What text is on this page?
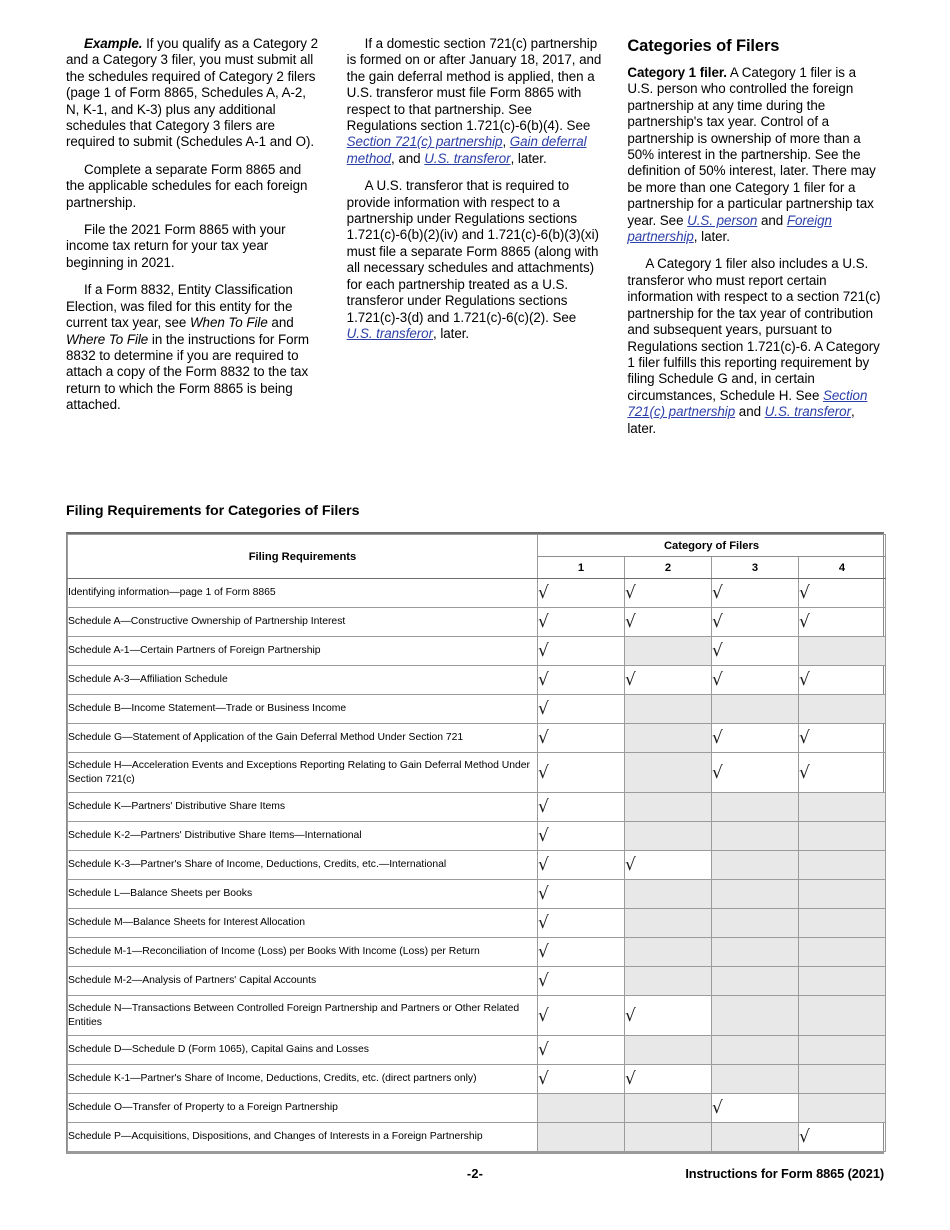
Example. If you qualify as a Category 2 and a Category 3 filer, you must submit all the schedules required of Category 2 filers (page 1 of Form 8865, Schedules A, A-2, N, K-1, and K-3) plus any additional schedules that Category 3 filers are required to submit (Schedules A-1 and O).

Complete a separate Form 8865 and the applicable schedules for each foreign partnership.

File the 2021 Form 8865 with your income tax return for your tax year beginning in 2021.

If a Form 8832, Entity Classification Election, was filed for this entity for the current tax year, see When To File and Where To File in the instructions for Form 8832 to determine if you are required to attach a copy of the Form 8832 to the tax return to which the Form 8865 is being attached.

If a domestic section 721(c) partnership is formed on or after January 18, 2017, and the gain deferral method is applied, then a U.S. transferor must file Form 8865 with respect to that partnership. See Regulations section 1.721(c)-6(b)(4). See Section 721(c) partnership, Gain deferral method, and U.S. transferor, later.

A U.S. transferor that is required to provide information with respect to a partnership under Regulations sections 1.721(c)-6(b)(2)(iv) and 1.721(c)-6(b)(3)(xi) must file a separate Form 8865 (along with all necessary schedules and attachments) for each partnership treated as a U.S. transferor under Regulations sections 1.721(c)-3(d) and 1.721(c)-6(c)(2). See U.S. transferor, later.

Categories of Filers

Category 1 filer. A Category 1 filer is a U.S. person who controlled the foreign partnership at any time during the partnership's tax year. Control of a partnership is ownership of more than a 50% interest in the partnership. See the definition of 50% interest, later. There may be more than one Category 1 filer for a partnership for a particular partnership tax year. See U.S. person and Foreign partnership, later.

A Category 1 filer also includes a U.S. transferor who must report certain information with respect to a section 721(c) partnership for the tax year of contribution and subsequent years, pursuant to Regulations section 1.721(c)-6. A Category 1 filer fulfills this reporting requirement by filing Schedule G and, in certain circumstances, Schedule H. See Section 721(c) partnership and U.S. transferor, later.

Filing Requirements for Categories of Filers
Filing Requirements	Category of Filers			
	1	2	3	4
Identifying information—page 1 of Form 8865	√	√	√	√
Schedule A—Constructive Ownership of Partnership Interest	√	√	√	√
Schedule A-1—Certain Partners of Foreign Partnership	√		√	
Schedule A-3—Affiliation Schedule	√	√	√	√
Schedule B—Income Statement—Trade or Business Income	√			
Schedule G—Statement of Application of the Gain Deferral Method Under Section 721	√		√	√
Schedule H—Acceleration Events and Exceptions Reporting Relating to Gain Deferral Method Under Section 721(c)	√		√	√
Schedule K—Partners' Distributive Share Items	√			
Schedule K-2—Partners' Distributive Share Items—International	√			
Schedule K-3—Partner's Share of Income, Deductions, Credits, etc.—International	√	√		
Schedule L—Balance Sheets per Books	√			
Schedule M—Balance Sheets for Interest Allocation	√			
Schedule M-1—Reconciliation of Income (Loss) per Books With Income (Loss) per Return	√			
Schedule M-2—Analysis of Partners' Capital Accounts	√			
Schedule N—Transactions Between Controlled Foreign Partnership and Partners or Other Related Entities	√	√		
Schedule D—Schedule D (Form 1065), Capital Gains and Losses	√			
Schedule K-1—Partner's Share of Income, Deductions, Credits, etc. (direct partners only)	√	√		
Schedule O—Transfer of Property to a Foreign Partnership			√	
Schedule P—Acquisitions, Dispositions, and Changes of Interests in a Foreign Partnership				√
-2-	Instructions for Form 8865 (2021)
